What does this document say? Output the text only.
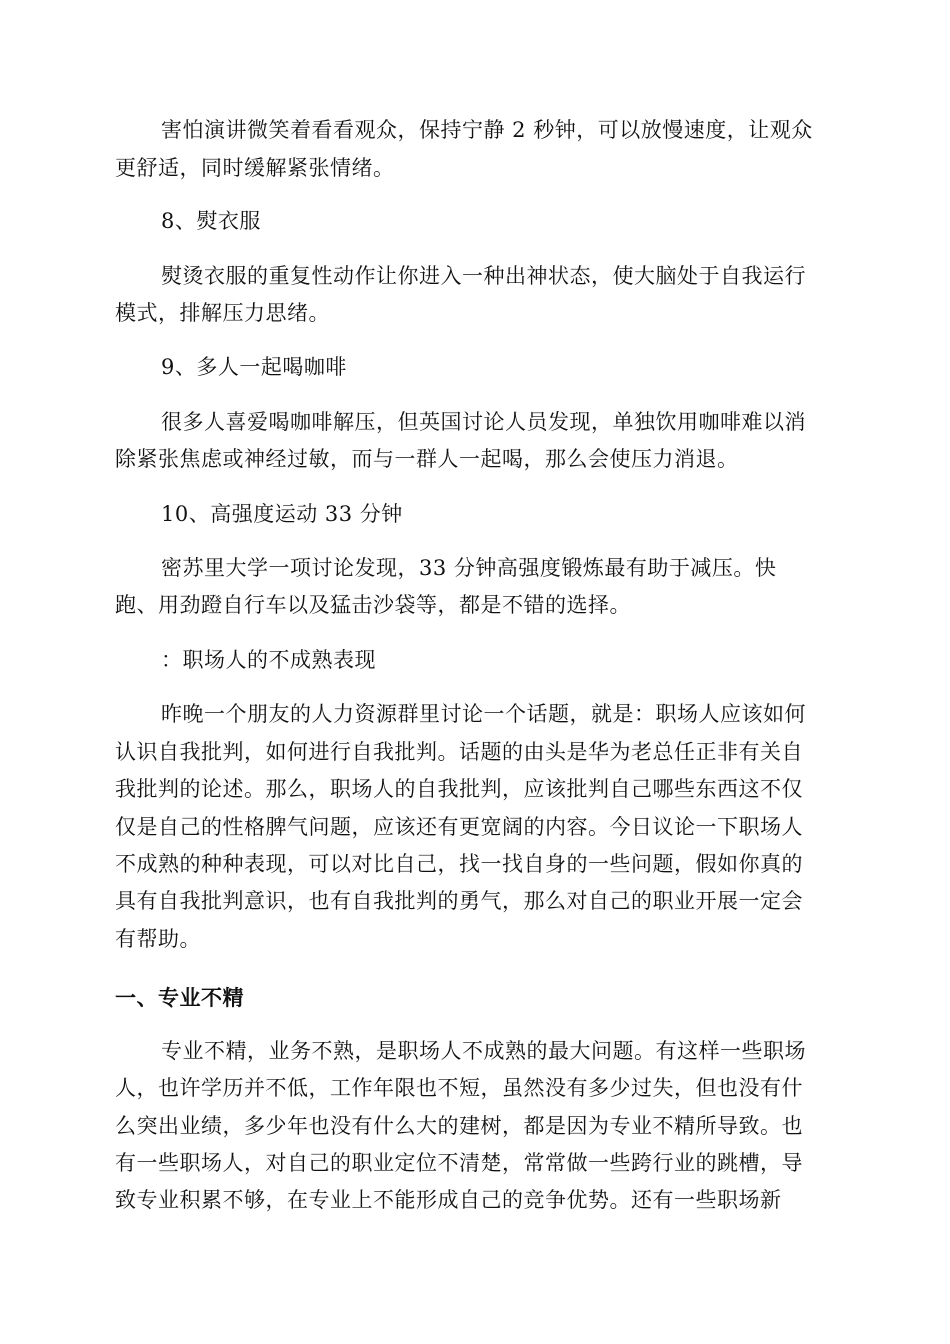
害怕演讲微笑着看看观众，保持宁静 2 秒钟，可以放慢速度，让观众
更舒适，同时缓解紧张情绪。
8、熨衣服
熨烫衣服的重复性动作让你进入一种出神状态，使大脑处于自我运行
模式，排解压力思绪。
9、多人一起喝咖啡
很多人喜爱喝咖啡解压，但英国讨论人员发现，单独饮用咖啡难以消
除紧张焦虑或神经过敏，而与一群人一起喝，那么会使压力消退。
10、高强度运动 33 分钟
密苏里大学一项讨论发现，33 分钟高强度锻炼最有助于减压。快
跑、用劲蹬自行车以及猛击沙袋等，都是不错的选择。
：职场人的不成熟表现
昨晚一个朋友的人力资源群里讨论一个话题，就是：职场人应该如何
认识自我批判，如何进行自我批判。话题的由头是华为老总任正非有关自
我批判的论述。那么，职场人的自我批判，应该批判自己哪些东西这不仅
仅是自己的性格脾气问题，应该还有更宽阔的内容。今日议论一下职场人
不成熟的种种表现，可以对比自己，找一找自身的一些问题，假如你真的
具有自我批判意识，也有自我批判的勇气，那么对自己的职业开展一定会
有帮助。
一、专业不精
专业不精，业务不熟，是职场人不成熟的最大问题。有这样一些职场
人，也许学历并不低，工作年限也不短，虽然没有多少过失，但也没有什
么突出业绩，多少年也没有什么大的建树，都是因为专业不精所导致。也
有一些职场人，对自己的职业定位不清楚，常常做一些跨行业的跳槽，导
致专业积累不够，在专业上不能形成自己的竞争优势。还有一些职场新
